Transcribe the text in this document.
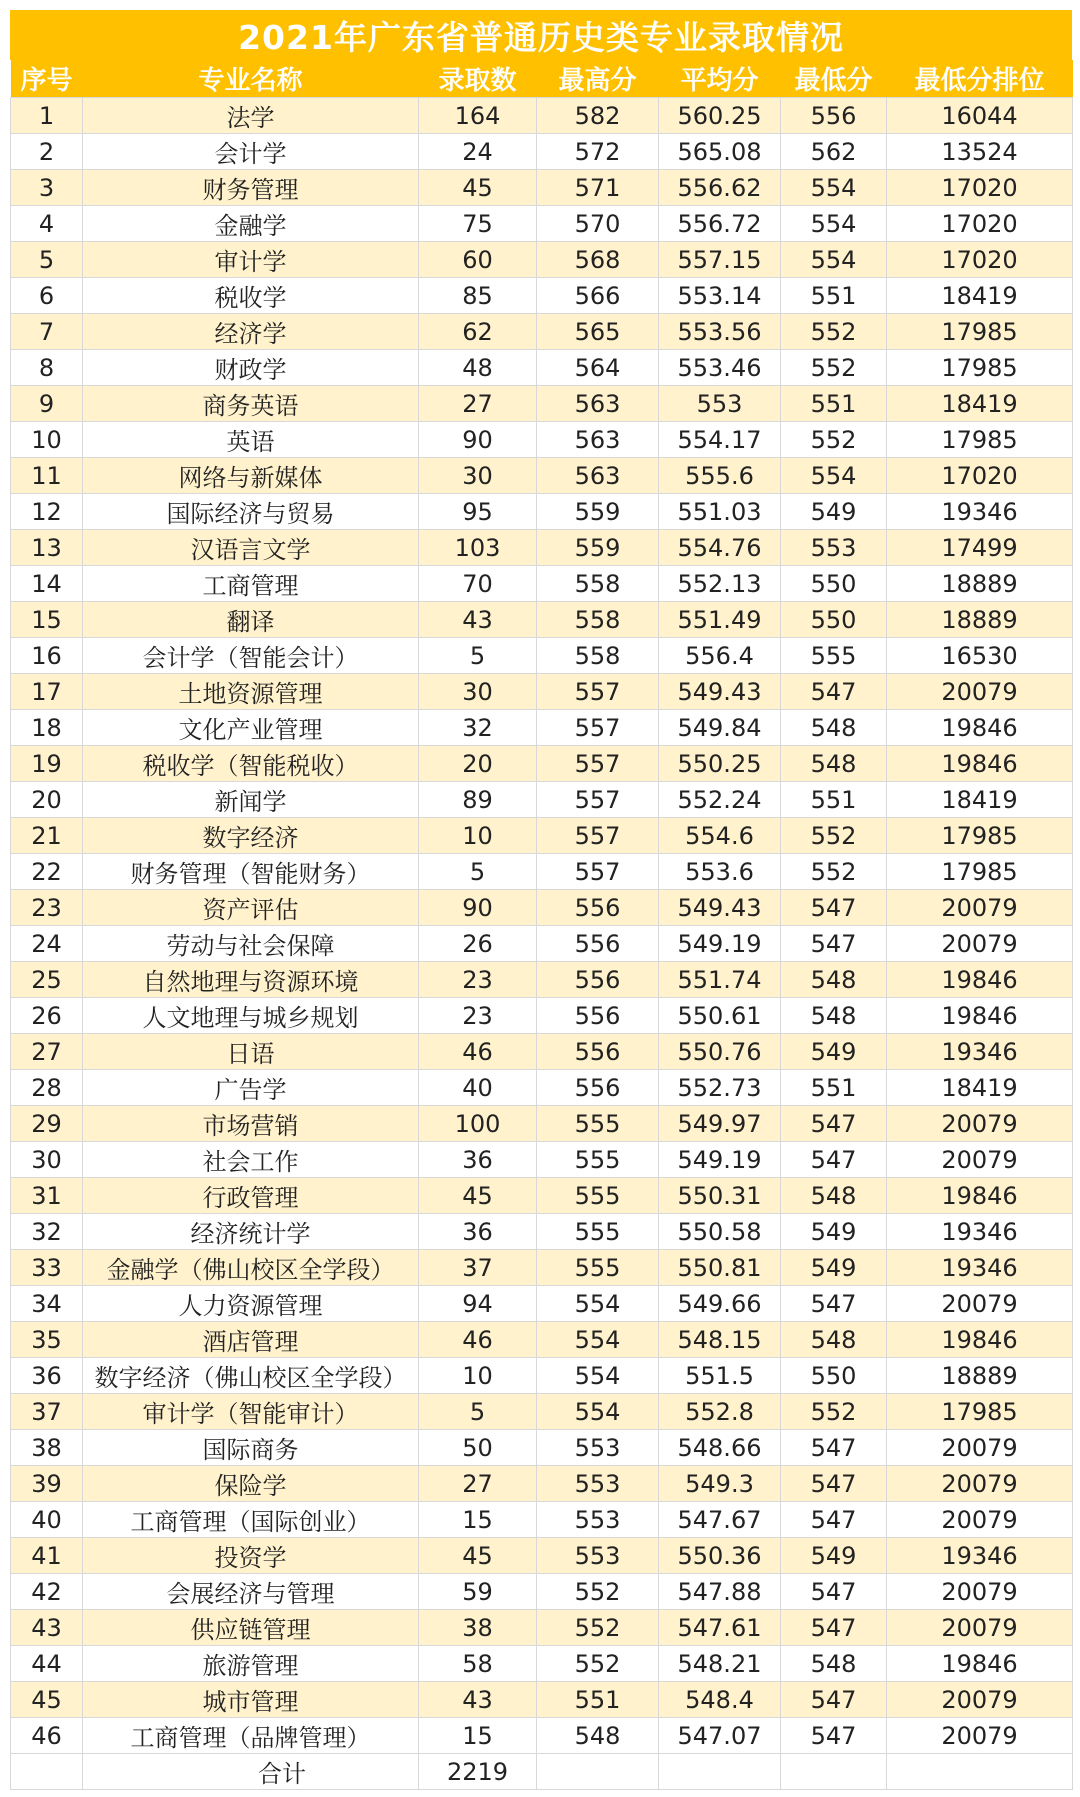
2021年广东省普通历史类专业录取情况
序号	专业名称	录取数	最高分	平均分	最低分	最低分排位
1	法学	164	582	560.25	556	16044
2	会计学	24	572	565.08	562	13524
3	财务管理	45	571	556.62	554	17020
4	金融学	75	570	556.72	554	17020
5	审计学	60	568	557.15	554	17020
6	税收学	85	566	553.14	551	18419
7	经济学	62	565	553.56	552	17985
8	财政学	48	564	553.46	552	17985
9	商务英语	27	563	553	551	18419
10	英语	90	563	554.17	552	17985
11	网络与新媒体	30	563	555.6	554	17020
12	国际经济与贸易	95	559	551.03	549	19346
13	汉语言文学	103	559	554.76	553	17499
14	工商管理	70	558	552.13	550	18889
15	翻译	43	558	551.49	550	18889
16	会计学（智能会计）	5	558	556.4	555	16530
17	土地资源管理	30	557	549.43	547	20079
18	文化产业管理	32	557	549.84	548	19846
19	税收学（智能税收）	20	557	550.25	548	19846
20	新闻学	89	557	552.24	551	18419
21	数字经济	10	557	554.6	552	17985
22	财务管理（智能财务）	5	557	553.6	552	17985
23	资产评估	90	556	549.43	547	20079
24	劳动与社会保障	26	556	549.19	547	20079
25	自然地理与资源环境	23	556	551.74	548	19846
26	人文地理与城乡规划	23	556	550.61	548	19846
27	日语	46	556	550.76	549	19346
28	广告学	40	556	552.73	551	18419
29	市场营销	100	555	549.97	547	20079
30	社会工作	36	555	549.19	547	20079
31	行政管理	45	555	550.31	548	19846
32	经济统计学	36	555	550.58	549	19346
33	金融学（佛山校区全学段）	37	555	550.81	549	19346
34	人力资源管理	94	554	549.66	547	20079
35	酒店管理	46	554	548.15	548	19846
36	数字经济（佛山校区全学段）	10	554	551.5	550	18889
37	审计学（智能审计）	5	554	552.8	552	17985
38	国际商务	50	553	548.66	547	20079
39	保险学	27	553	549.3	547	20079
40	工商管理（国际创业）	15	553	547.67	547	20079
41	投资学	45	553	550.36	549	19346
42	会展经济与管理	59	552	547.88	547	20079
43	供应链管理	38	552	547.61	547	20079
44	旅游管理	58	552	548.21	548	19846
45	城市管理	43	551	548.4	547	20079
46	工商管理（品牌管理）	15	548	547.07	547	20079
	合计	2219				
